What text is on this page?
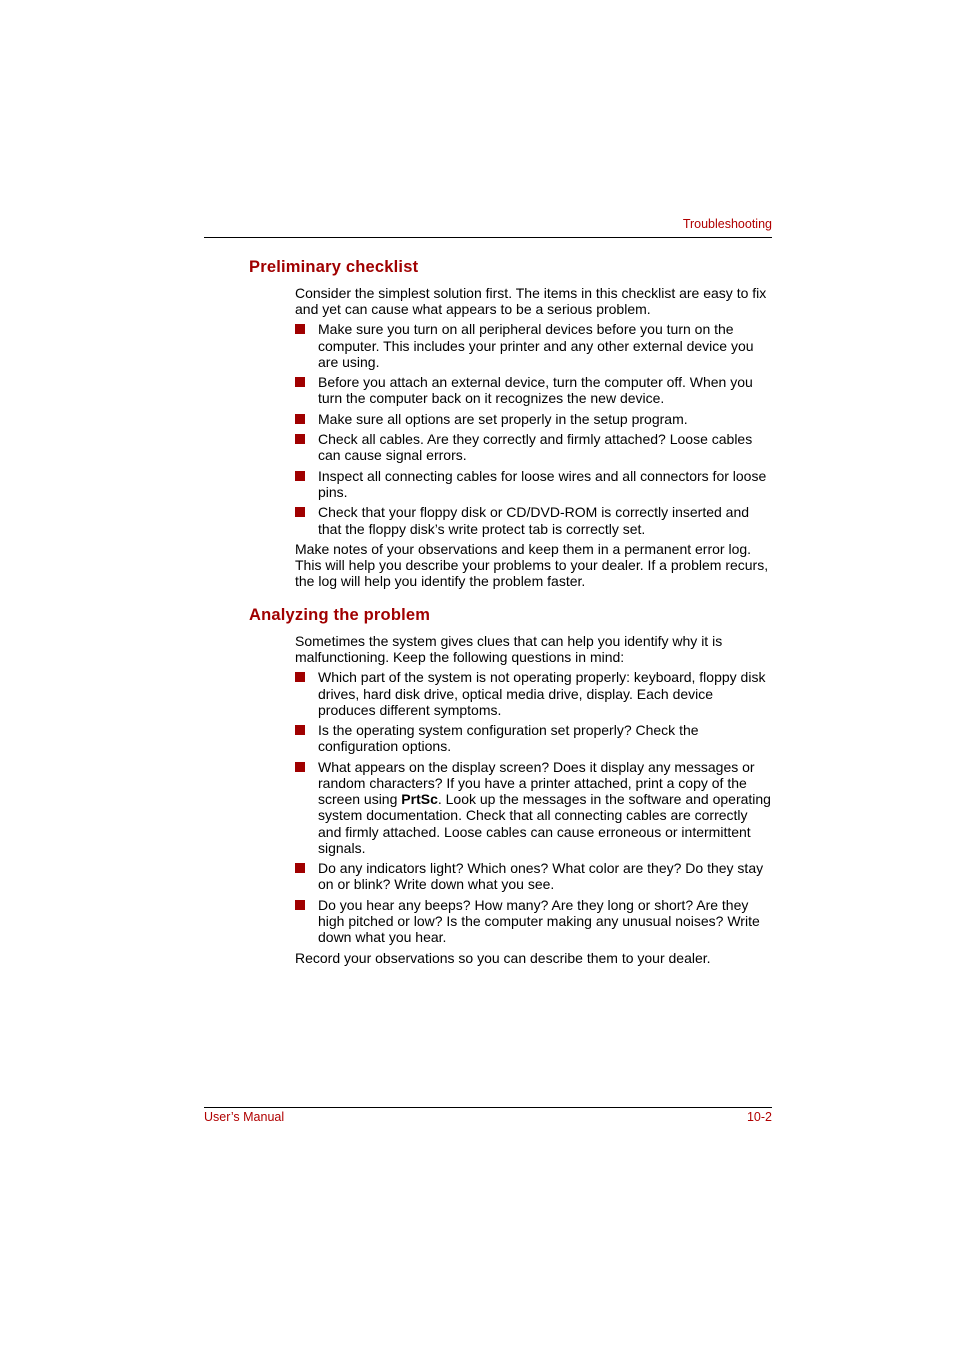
Troubleshooting
Preliminary checklist

Consider the simplest solution first. The items in this checklist are easy to fix and yet can cause what appears to be a serious problem.

Make sure you turn on all peripheral devices before you turn on the computer. This includes your printer and any other external device you are using.
Before you attach an external device, turn the computer off. When you turn the computer back on it recognizes the new device.
Make sure all options are set properly in the setup program.
Check all cables. Are they correctly and firmly attached? Loose cables can cause signal errors.
Inspect all connecting cables for loose wires and all connectors for loose pins.
Check that your floppy disk or CD/DVD-ROM is correctly inserted and that the floppy disk’s write protect tab is correctly set.

Make notes of your observations and keep them in a permanent error log. This will help you describe your problems to your dealer. If a problem recurs, the log will help you identify the problem faster.

Analyzing the problem

Sometimes the system gives clues that can help you identify why it is malfunctioning. Keep the following questions in mind:

Which part of the system is not operating properly: keyboard, floppy disk drives, hard disk drive, optical media drive, display. Each device produces different symptoms.
Is the operating system configuration set properly? Check the configuration options.
What appears on the display screen? Does it display any messages or random characters? If you have a printer attached, print a copy of the screen using PrtSc. Look up the messages in the software and operating system documentation. Check that all connecting cables are correctly and firmly attached. Loose cables can cause erroneous or intermittent signals.
Do any indicators light? Which ones? What color are they? Do they stay on or blink? Write down what you see.
Do you hear any beeps? How many? Are they long or short? Are they high pitched or low? Is the computer making any unusual noises? Write down what you hear.

Record your observations so you can describe them to your dealer.

User’s Manual	10-2
